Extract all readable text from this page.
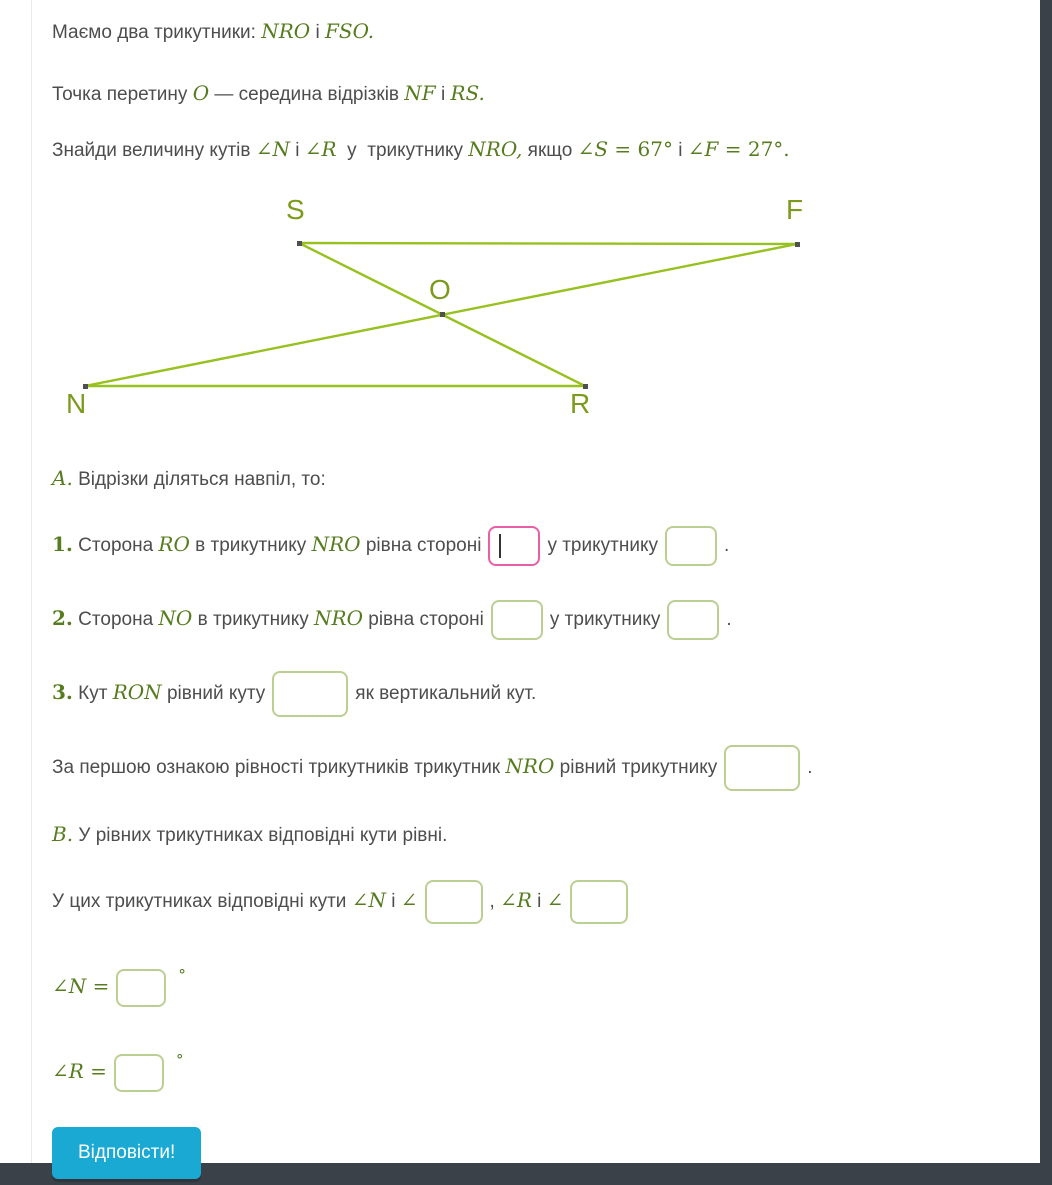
Маємо два трикутники: NRO і FSO.

Точка перетину O — середина відрізків NF і RS.

Знайди величину кутів ∠N і ∠R  у  трикутнику NRO, якщо ∠S = 67° і ∠F = 27°.

S	F
O
N	R

A. Відрізки діляться навпіл, то:

1. Сторона RO в трикутнику NRO рівна стороні	у трикутнику	.
2. Сторона NO в трикутнику NRO рівна стороні	у трикутнику	.
3. Кут RON рівний куту	як вертикальний кут.
За першою ознакою рівності трикутників трикутник NRO рівний трикутнику	.

B. У рівних трикутниках відповідні кути рівні.

У цих трикутниках відповідні кути ∠N і ∠	, ∠R і ∠
∠N =	°
∠R =	°
Відповісти!
